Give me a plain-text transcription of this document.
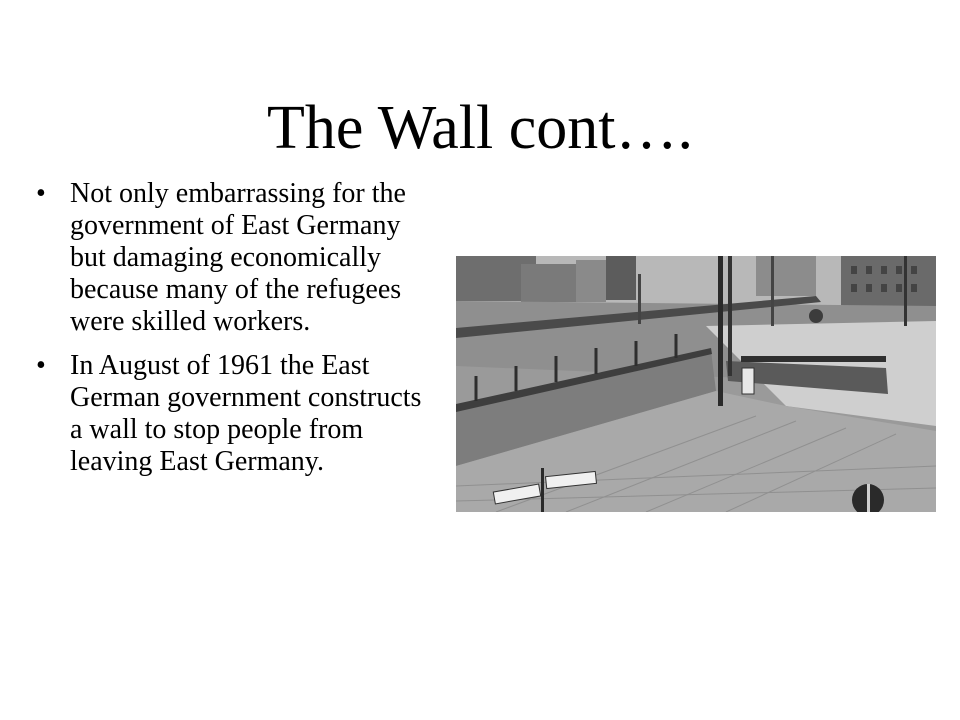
The Wall cont….
• Not only embarrassing for the government of East Germany but damaging economically because many of the refugees were skilled workers.
• In August of 1961 the East German government constructs a wall to stop people from leaving East Germany.
